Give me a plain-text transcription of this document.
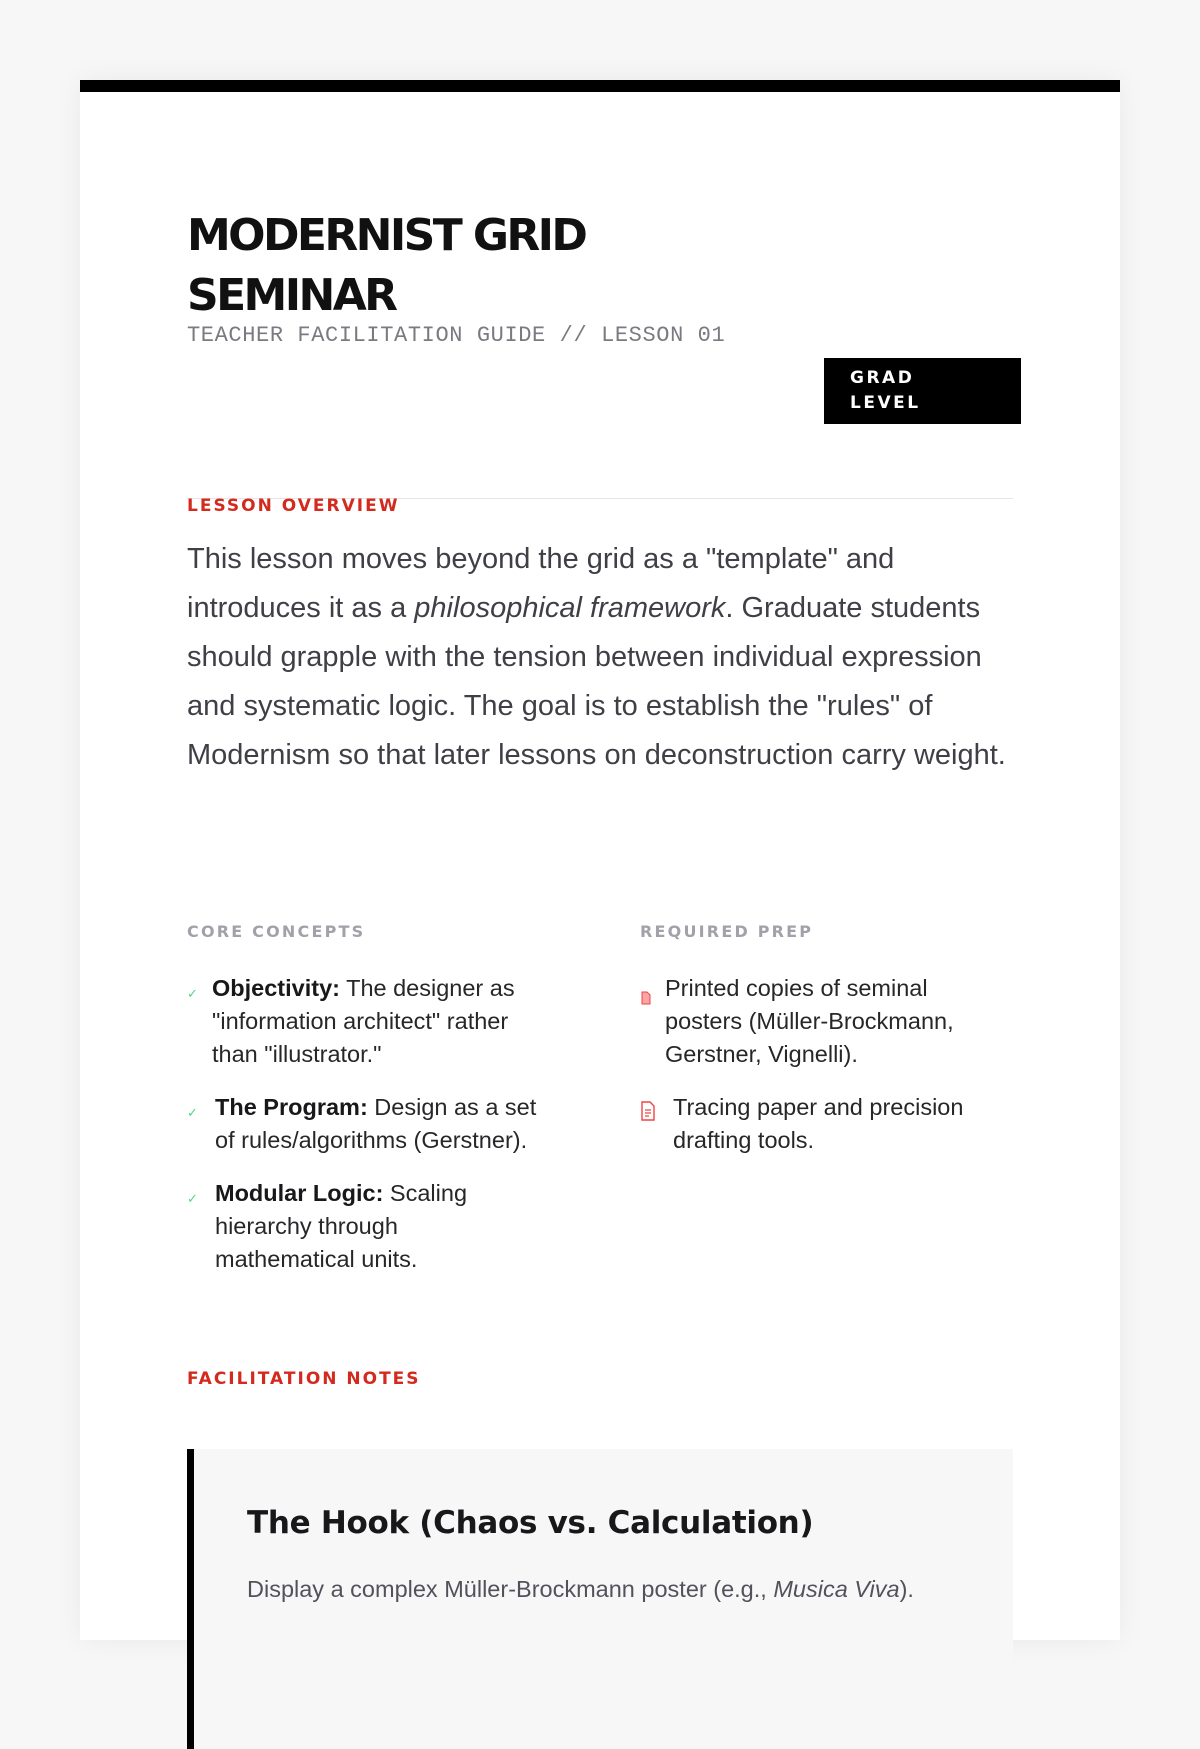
MODERNIST GRID
SEMINAR
TEACHER FACILITATION GUIDE // LESSON 01
GRAD
LEVEL
LESSON OVERVIEW

This lesson moves beyond the grid as a "template" and introduces it as a philosophical framework. Graduate students should grapple with the tension between individual expression and systematic logic. The goal is to establish the "rules" of Modernism so that later lessons on deconstruction carry weight.

CORE CONCEPTS
✓ Objectivity: The designer as "information architect" rather than "illustrator."
✓ The Program: Design as a set of rules/algorithms (Gerstner).
✓ Modular Logic: Scaling hierarchy through mathematical units.
REQUIRED PREP
Printed copies of seminal posters (Müller-Brockmann, Gerstner, Vignelli).
Tracing paper and precision drafting tools.
FACILITATION NOTES
The Hook (Chaos vs. Calculation)

Display a complex Müller-Brockmann poster (e.g., Musica Viva).
